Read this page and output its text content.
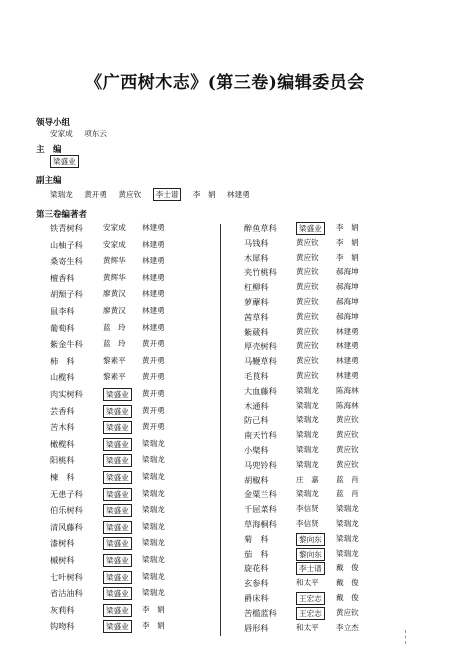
《广西树木志》(第三卷)编辑委员会
领导小组
安家成 项东云
主　编
梁盛业
副主编
梁瑞龙 黄开勇 黄应钦 李士谱 李　娟 林建勇
第三卷编著者
铁青树科	安家成 林建勇
山柚子科	安家成 林建勇
桑寄生科	黄辉华 林建勇
檀香科	黄辉华 林建勇
胡颓子科	廖黄汉 林建勇
鼠李科	廖黄汉 林建勇
葡萄科	蓝　玲 林建勇
紫金牛科	蓝　玲 黄开勇
柿　科	黎素平 黄开勇
山榄科	黎素平 黄开勇
肉实树科	梁盛业	黄开勇
芸香科	梁盛业	黄开勇
苦木科	梁盛业	黄开勇
橄榄科	梁盛业	梁瑞龙
阳桃科	梁盛业	梁瑞龙
楝　科	梁盛业	梁瑞龙
无患子科	梁盛业	梁瑞龙
伯乐树科	梁盛业	梁瑞龙
清风藤科	梁盛业	梁瑞龙
漆树科	梁盛业	梁瑞龙
槭树科	梁盛业	梁瑞龙
七叶树科	梁盛业	梁瑞龙
省沽油科	梁盛业	梁瑞龙
灰莉科	梁盛业	李　娟
钩吻科	梁盛业	李　娟
醉鱼草科	梁盛业	李　娟
马钱科	黄应钦 李　娟
木犀科	黄应钦 李　娟
夹竹桃科	黄应钦 郝海坤
杠柳科	黄应钦 郝海坤
萝藦科	黄应钦 郝海坤
茜草科	黄应钦 郝海坤
紫葳科	黄应钦 林建勇
厚壳树科	黄应钦 林建勇
马鞭草科	黄应钦 林建勇
毛茛科	黄应钦 林建勇
大血藤科	梁瑞龙 陈海林
木通科	梁瑞龙 陈海林
防己科	梁瑞龙 黄应钦
南天竹科	梁瑞龙 黄应钦
小檗科	梁瑞龙 黄应钦
马兜铃科	梁瑞龙 黄应钦
胡椒科	庄　嘉 蓝　肖
金粟兰科	梁瑞龙 蓝　肖
千屈菜科	李信贤 梁瑞龙
草海桐科	李信贤 梁瑞龙
菊　科	黎向东	梁瑞龙
茄　科	黎向东	梁瑞龙
旋花科	李士谱	戴　俊
玄参科	和太平 戴　俊
爵床科	王宏志	戴　俊
苦槛蓝科	王宏志	黄应钦
唇形科	和太平 李立杰
